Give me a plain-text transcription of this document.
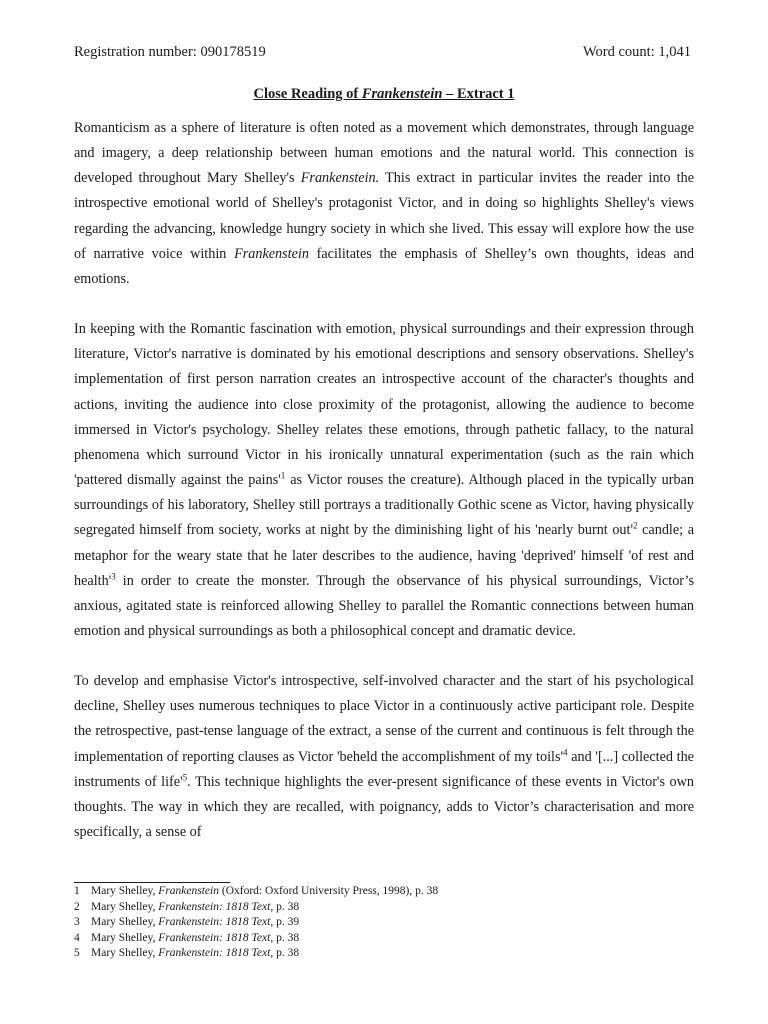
Registration number: 090178519	Word count: 1,041
Close Reading of Frankenstein – Extract 1

Romanticism as a sphere of literature is often noted as a movement which demonstrates, through language and imagery, a deep relationship between human emotions and the natural world. This connection is developed throughout Mary Shelley's Frankenstein. This extract in particular invites the reader into the introspective emotional world of Shelley's protagonist Victor, and in doing so highlights Shelley's views regarding the advancing, knowledge hungry society in which she lived. This essay will explore how the use of narrative voice within Frankenstein facilitates the emphasis of Shelley’s own thoughts, ideas and emotions.

In keeping with the Romantic fascination with emotion, physical surroundings and their expression through literature, Victor's narrative is dominated by his emotional descriptions and sensory observations. Shelley's implementation of first person narration creates an introspective account of the character's thoughts and actions, inviting the audience into close proximity of the protagonist, allowing the audience to become immersed in Victor's psychology. Shelley relates these emotions, through pathetic fallacy, to the natural phenomena which surround Victor in his ironically unnatural experimentation (such as the rain which 'pattered dismally against the $pains'^1$ as Victor rouses the creature). Although placed in the typically urban surroundings of his laboratory, Shelley still portrays a traditionally Gothic scene as Victor, having physically segregated himself from society, works at night by the diminishing light of his 'nearly burnt $out'^2$ candle; a metaphor for the weary state that he later describes to the audience, having 'deprived' himself 'of rest and $health'^3$ in order to create the monster. Through the observance of his physical surroundings, Victor’s anxious, agitated state is reinforced allowing Shelley to parallel the Romantic connections between human emotion and physical surroundings as both a philosophical concept and dramatic device.

To develop and emphasise Victor's introspective, self-involved character and the start of his psychological decline, Shelley uses numerous techniques to place Victor in a continuously active participant role. Despite the retrospective, past-tense language of the extract, a sense of the current and continuous is felt through the implementation of reporting clauses as Victor 'beheld the accomplishment of my $toils'^4$ and '[...] collected the instruments of $life'^5$. This technique highlights the ever-present significance of these events in Victor's own thoughts. The way in which they are recalled, with poignancy, adds to Victor’s characterisation and more specifically, a sense of

1 Mary Shelley, Frankenstein (Oxford: Oxford University Press, 1998), p. 38
2 Mary Shelley, Frankenstein: 1818 Text, p. 38
3 Mary Shelley, Frankenstein: 1818 Text, p. 39
4 Mary Shelley, Frankenstein: 1818 Text, p. 38
5 Mary Shelley, Frankenstein: 1818 Text, p. 38
